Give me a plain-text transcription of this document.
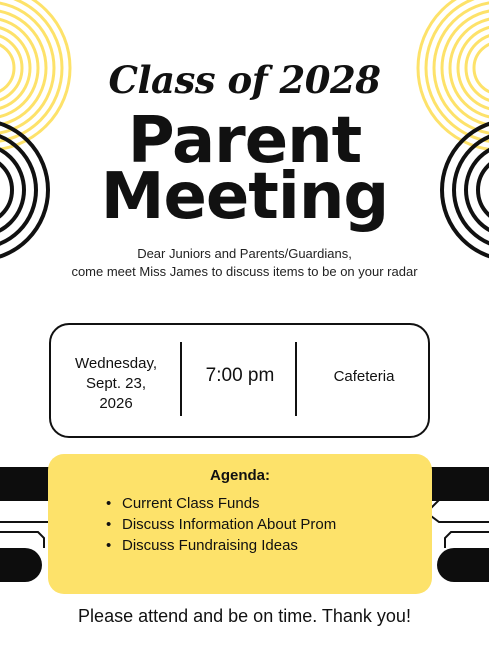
Class of 2028
Parent
Meeting
Dear Juniors and Parents/Guardians,
come meet Miss James to discuss items to be on your radar
Wednesday,
Sept. 23,
2026
7:00 pm	Cafeteria
Agenda:
• Current Class Funds
• Discuss Information About Prom
• Discuss Fundraising Ideas
Please attend and be on time. Thank you!
